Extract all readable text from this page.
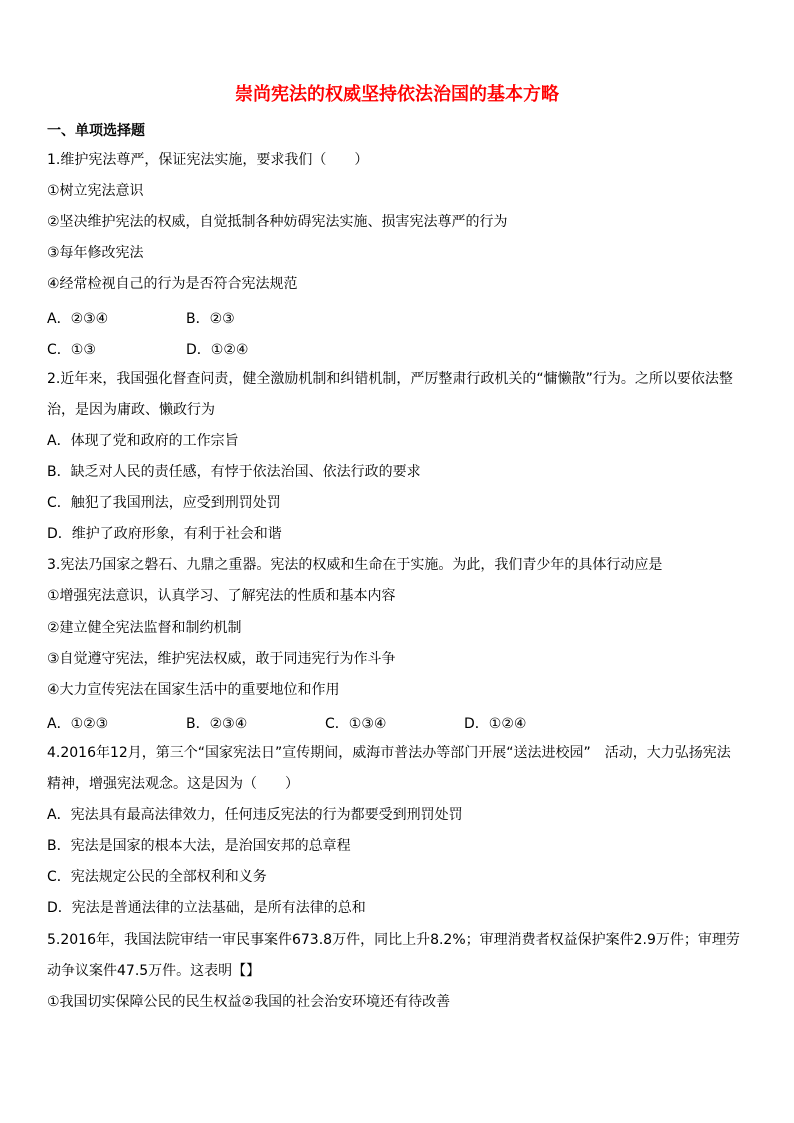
崇尚宪法的权威坚持依法治国的基本方略
一、单项选择题
1.维护宪法尊严，保证宪法实施，要求我们（　　）
①树立宪法意识
②坚决维护宪法的权威，自觉抵制各种妨碍宪法实施、损害宪法尊严的行为
③每年修改宪法
④经常检视自己的行为是否符合宪法规范
A．②③④	B．②③
C．①③	D．①②④
2.近年来，我国强化督查问责，健全激励机制和纠错机制，严厉整肃行政机关的“慵懒散”行为。之所以要依法整
治，是因为庸政、懒政行为
A．体现了党和政府的工作宗旨
B．缺乏对人民的责任感，有悖于依法治国、依法行政的要求
C．触犯了我国刑法，应受到刑罚处罚
D．维护了政府形象，有利于社会和谐
3.宪法乃国家之磐石、九鼎之重器。宪法的权威和生命在于实施。为此，我们青少年的具体行动应是
①增强宪法意识，认真学习、了解宪法的性质和基本内容
②建立健全宪法监督和制约机制
③自觉遵守宪法，维护宪法权威，敢于同违宪行为作斗争
④大力宣传宪法在国家生活中的重要地位和作用
A．①②③	B．②③④	C．①③④	D．①②④
4.2016年12月，第三个“国家宪法日”宣传期间，威海市普法办等部门开展“送法进校园”　活动，大力弘扬宪法
精神，增强宪法观念。这是因为（　　）
A．宪法具有最高法律效力，任何违反宪法的行为都要受到刑罚处罚
B．宪法是国家的根本大法，是治国安邦的总章程
C．宪法规定公民的全部权利和义务
D．宪法是普通法律的立法基础，是所有法律的总和
5.2016年，我国法院审结一审民事案件673.8万件，同比上升8.2%；审理消费者权益保护案件2.9万件；审理劳
动争议案件47.5万件。这表明【】
①我国切实保障公民的民生权益②我国的社会治安环境还有待改善
